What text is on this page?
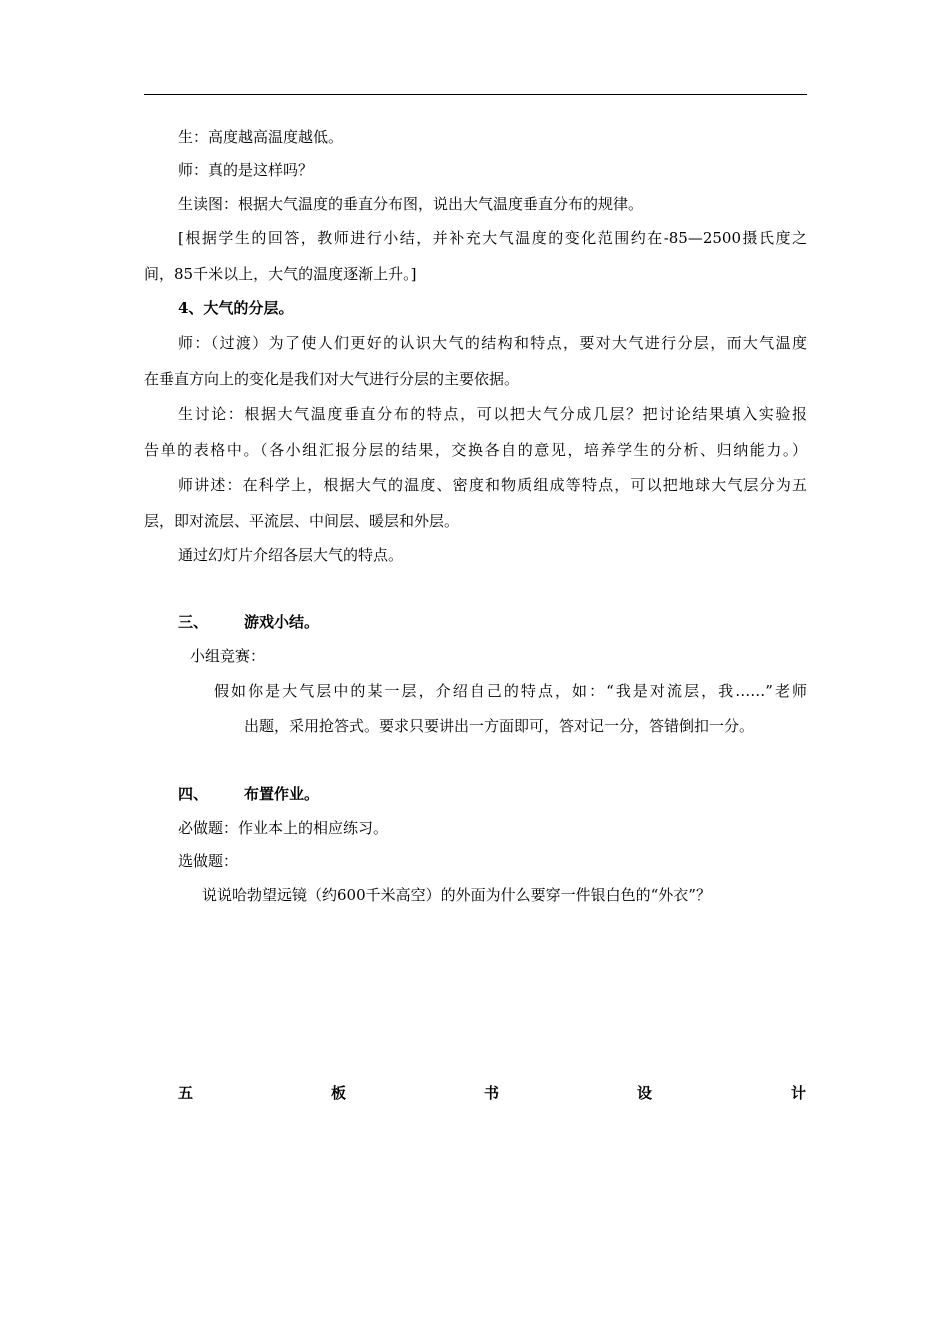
生：高度越高温度越低。
师：真的是这样吗？
生读图：根据大气温度的垂直分布图，说出大气温度垂直分布的规律。
[根据学生的回答，教师进行小结，并补充大气温度的变化范围约在-85—2500摄氏度之
间，85千米以上，大气的温度逐渐上升。]
4、大气的分层。
师：（过渡）为了使人们更好的认识大气的结构和特点，要对大气进行分层，而大气温度
在垂直方向上的变化是我们对大气进行分层的主要依据。
生讨论：根据大气温度垂直分布的特点，可以把大气分成几层？把讨论结果填入实验报
告单的表格中。（各小组汇报分层的结果，交换各自的意见，培养学生的分析、归纳能力。）
师讲述：在科学上，根据大气的温度、密度和物质组成等特点，可以把地球大气层分为五
层，即对流层、平流层、中间层、暖层和外层。
通过幻灯片介绍各层大气的特点。
三、 游戏小结。
小组竞赛：
假如你是大气层中的某一层，介绍自己的特点，如：“我是对流层，我……”老师
出题，采用抢答式。要求只要讲出一方面即可，答对记一分，答错倒扣一分。
四、 布置作业。
必做题：作业本上的相应练习。
选做题：
说说哈勃望远镜（约600千米高空）的外面为什么要穿一件银白色的“外衣”？
五	板	书	设	计
